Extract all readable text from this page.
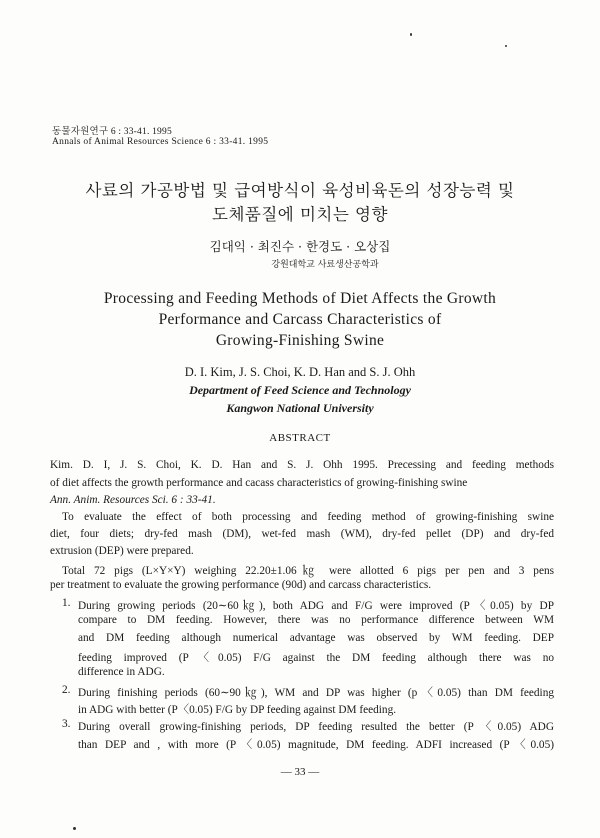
동물자원연구 6 : 33-41. 1995
Annals of Animal Resources Science 6 : 33-41. 1995
사료의 가공방법 및 급여방식이 육성비육돈의 성장능력 및
도체품질에 미치는 영향
김대익 · 최진수 · 한경도 · 오상집
강원대학교 사료생산공학과
Processing and Feeding Methods of Diet Affects the Growth
Performance and Carcass Characteristics of
Growing-Finishing Swine
D. I. Kim, J. S. Choi, K. D. Han and S. J. Ohh
Department of Feed Science and Technology
Kangwon National University
ABSTRACT
Kim. D. I, J. S. Choi, K. D. Han and S. J. Ohh 1995. Precessing and feeding methods
of diet affects the growth performance and cacass characteristics of growing-finishing swine
Ann. Anim. Resources Sci. 6 : 33-41.
To evaluate the effect of both processing and feeding method of growing-finishing swine
diet, four diets; dry-fed mash (DM), wet-fed mash (WM), dry-fed pellet (DP) and dry-fed
extrusion (DEP) were prepared.
Total 72 pigs (L×Y×Y) weighing 22.20±1.06㎏ were allotted 6 pigs per pen and 3 pens
per treatment to evaluate the growing performance (90d) and carcass characteristics.
1. During growing periods (20∼60㎏), both ADG and F/G were improved (P〈0.05) by DP
compare to DM feeding. However, there was no performance difference between WM
and DM feeding although numerical advantage was observed by WM feeding. DEP
feeding improved (P〈0.05) F/G against the DM feeding although there was no
difference in ADG.
2. During finishing periods (60∼90㎏), WM and DP was higher (p〈0.05) than DM feeding
in ADG with better (P〈0.05) F/G by DP feeding against DM feeding.
3. During overall growing-finishing periods, DP feeding resulted the better (P〈0.05) ADG
than DEP and , with more (P〈0.05) magnitude, DM feeding. ADFI increased (P〈0.05)
— 33 —
